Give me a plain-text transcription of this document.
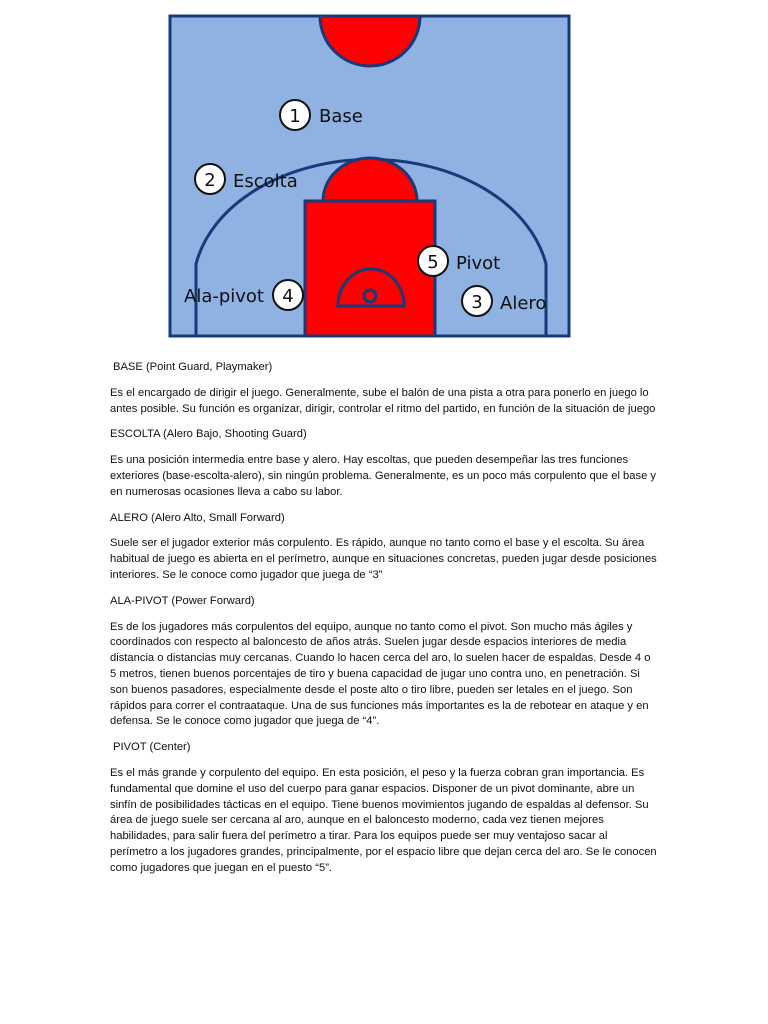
1 Base
2 Escolta
5 Pivot
4
Ala-pivot	3 Alero

BASE (Point Guard, Playmaker)

Es el encargado de dirigir el juego. Generalmente, sube el balón de una pista a otra para ponerlo en juego lo antes posible. Su función es organizar, dirigir, controlar el ritmo del partido, en función de la situación de juego

ESCOLTA (Alero Bajo, Shooting Guard)

Es una posición intermedia entre base y alero. Hay escoltas, que pueden desempeñar las tres funciones exteriores (base-escolta-alero), sin ningún problema. Generalmente, es un poco más corpulento que el base y en numerosas ocasiones lleva a cabo su labor.

ALERO (Alero Alto, Small Forward)

Suele ser el jugador exterior más corpulento. Es rápido, aunque no tanto como el base y el escolta. Su área habitual de juego es abierta en el perímetro, aunque en situaciones concretas, pueden jugar desde posiciones interiores. Se le conoce como jugador que juega de “3”

ALA-PIVOT (Power Forward)

Es de los jugadores más corpulentos del equipo, aunque no tanto como el pivot. Son mucho más ágiles y coordinados con respecto al baloncesto de años atrás. Suelen jugar desde espacios interiores de media distancia o distancias muy cercanas. Cuando lo hacen cerca del aro, lo suelen hacer de espaldas. Desde 4 o 5 metros, tienen buenos porcentajes de tiro y buena capacidad de jugar uno contra uno, en penetración. Si son buenos pasadores, especialmente desde el poste alto o tiro libre, pueden ser letales en el juego. Son rápidos para correr el contraataque. Una de sus funciones más importantes es la de rebotear en ataque y en defensa. Se le conoce como jugador que juega de “4”.

PIVOT (Center)

Es el más grande y corpulento del equipo. En esta posición, el peso y la fuerza cobran gran importancia. Es fundamental que domine el uso del cuerpo para ganar espacios. Disponer de un pivot dominante, abre un sinfín de posibilidades tácticas en el equipo. Tiene buenos movimientos jugando de espaldas al defensor. Su área de juego suele ser cercana al aro, aunque en el baloncesto moderno, cada vez tienen mejores habilidades, para salir fuera del perímetro a tirar. Para los equipos puede ser muy ventajoso sacar al perímetro a los jugadores grandes, principalmente, por el espacio libre que dejan cerca del aro. Se le conocen como jugadores que juegan en el puesto “5”.
